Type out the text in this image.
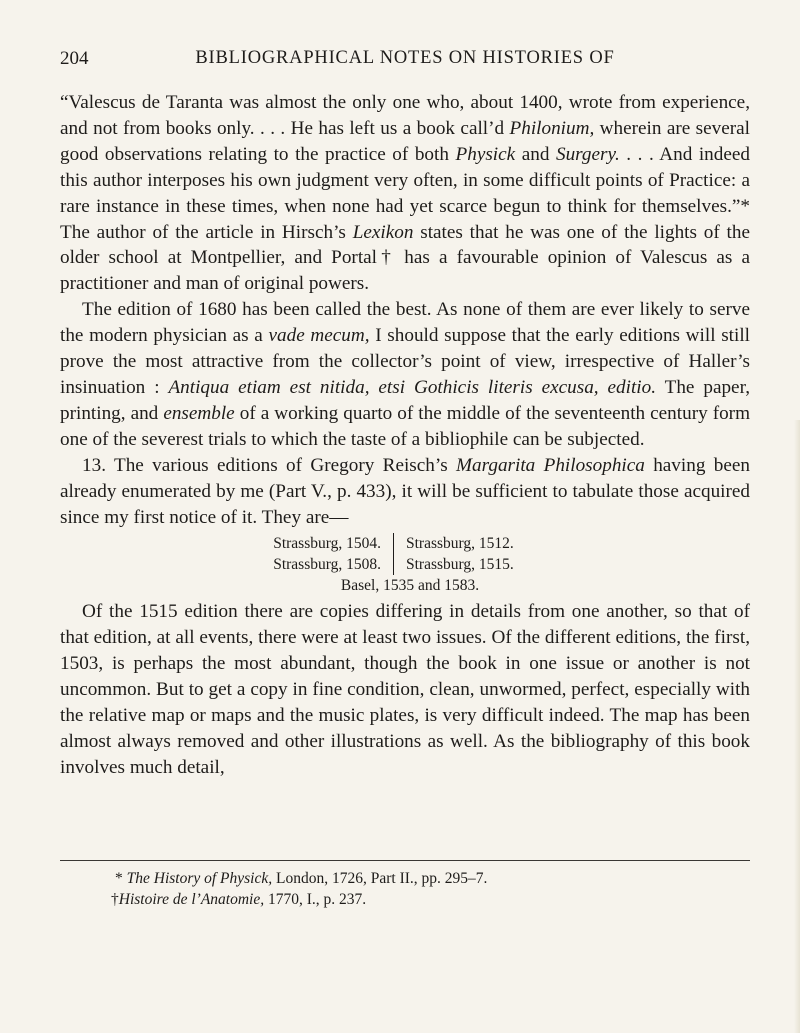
204	BIBLIOGRAPHICAL NOTES ON HISTORIES OF

“Valescus de Taranta was almost the only one who, about 1400, wrote from experience, and not from books only. . . . He has left us a book call’d Philonium, wherein are several good observations relating to the practice of both Physick and Surgery. . . . And indeed this author interposes his own judgment very often, in some difficult points of Practice: a rare instance in these times, when none had yet scarce begun to think for themselves.”* The author of the article in Hirsch’s Lexikon states that he was one of the lights of the older school at Montpellier, and Portal† has a favourable opinion of Valescus as a practitioner and man of original powers.

The edition of 1680 has been called the best. As none of them are ever likely to serve the modern physician as a vade mecum, I should suppose that the early editions will still prove the most attractive from the collector’s point of view, irrespective of Haller’s insinuation : Antiqua etiam est nitida, etsi Gothicis literis excusa, editio. The paper, printing, and ensemble of a working quarto of the middle of the seventeenth century form one of the severest trials to which the taste of a bibliophile can be subjected.

13. The various editions of Gregory Reisch’s Margarita Philosophica having been already enumerated by me (Part V., p. 433), it will be sufficient to tabulate those acquired since my first notice of it. They are—

Strassburg, 1504.	Strassburg, 1512.
Strassburg, 1508.	Strassburg, 1515.
Basel, 1535 and 1583.

Of the 1515 edition there are copies differing in details from one another, so that of that edition, at all events, there were at least two issues. Of the different editions, the first, 1503, is perhaps the most abundant, though the book in one issue or another is not uncommon. But to get a copy in fine condition, clean, unwormed, perfect, especially with the relative map or maps and the music plates, is very difficult indeed. The map has been almost always removed and other illustrations as well. As the bibliography of this book involves much detail,

* The History of Physick, London, 1726, Part II., pp. 295–7.

†Histoire de l’Anatomie, 1770, I., p. 237.
